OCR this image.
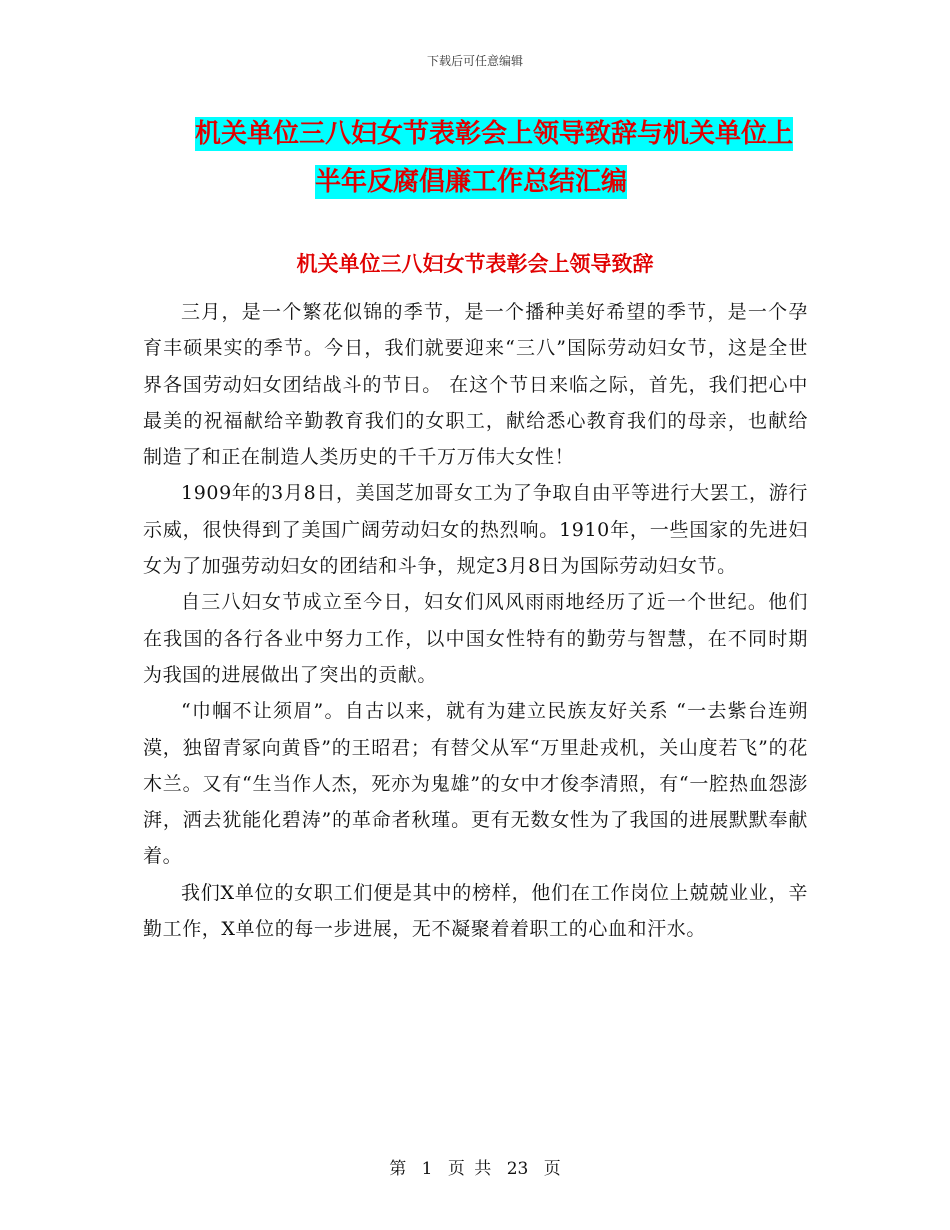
下载后可任意编辑
机关单位三八妇女节表彰会上领导致辞与机关单位上
半年反腐倡廉工作总结汇编
机关单位三八妇女节表彰会上领导致辞

三月，是一个繁花似锦的季节，是一个播种美好希望的季节，是一个孕育丰硕果实的季节。今日，我们就要迎来“三八”国际劳动妇女节，这是全世界各国劳动妇女团结战斗的节日。 在这个节日来临之际，首先，我们把心中最美的祝福献给辛勤教育我们的女职工，献给悉心教育我们的母亲，也献给制造了和正在制造人类历史的千千万万伟大女性！

1909年的3月8日，美国芝加哥女工为了争取自由平等进行大罢工，游行示威，很快得到了美国广阔劳动妇女的热烈响。1910年，一些国家的先进妇女为了加强劳动妇女的团结和斗争，规定3月8日为国际劳动妇女节。

自三八妇女节成立至今日，妇女们风风雨雨地经历了近一个世纪。他们在我国的各行各业中努力工作，以中国女性特有的勤劳与智慧，在不同时期为我国的进展做出了突出的贡献。

“巾帼不让须眉”。自古以来，就有为建立民族友好关系 “一去紫台连朔漠，独留青冢向黄昏”的王昭君；有替父从军“万里赴戎机，关山度若飞”的花木兰。又有“生当作人杰，死亦为鬼雄”的女中才俊李清照，有“一腔热血怨澎湃，洒去犹能化碧涛”的革命者秋瑾。更有无数女性为了我国的进展默默奉献着。

我们X单位的女职工们便是其中的榜样，他们在工作岗位上兢兢业业，辛勤工作，X单位的每一步进展，无不凝聚着着职工的心血和汗水。

第 1 页 共 23 页
